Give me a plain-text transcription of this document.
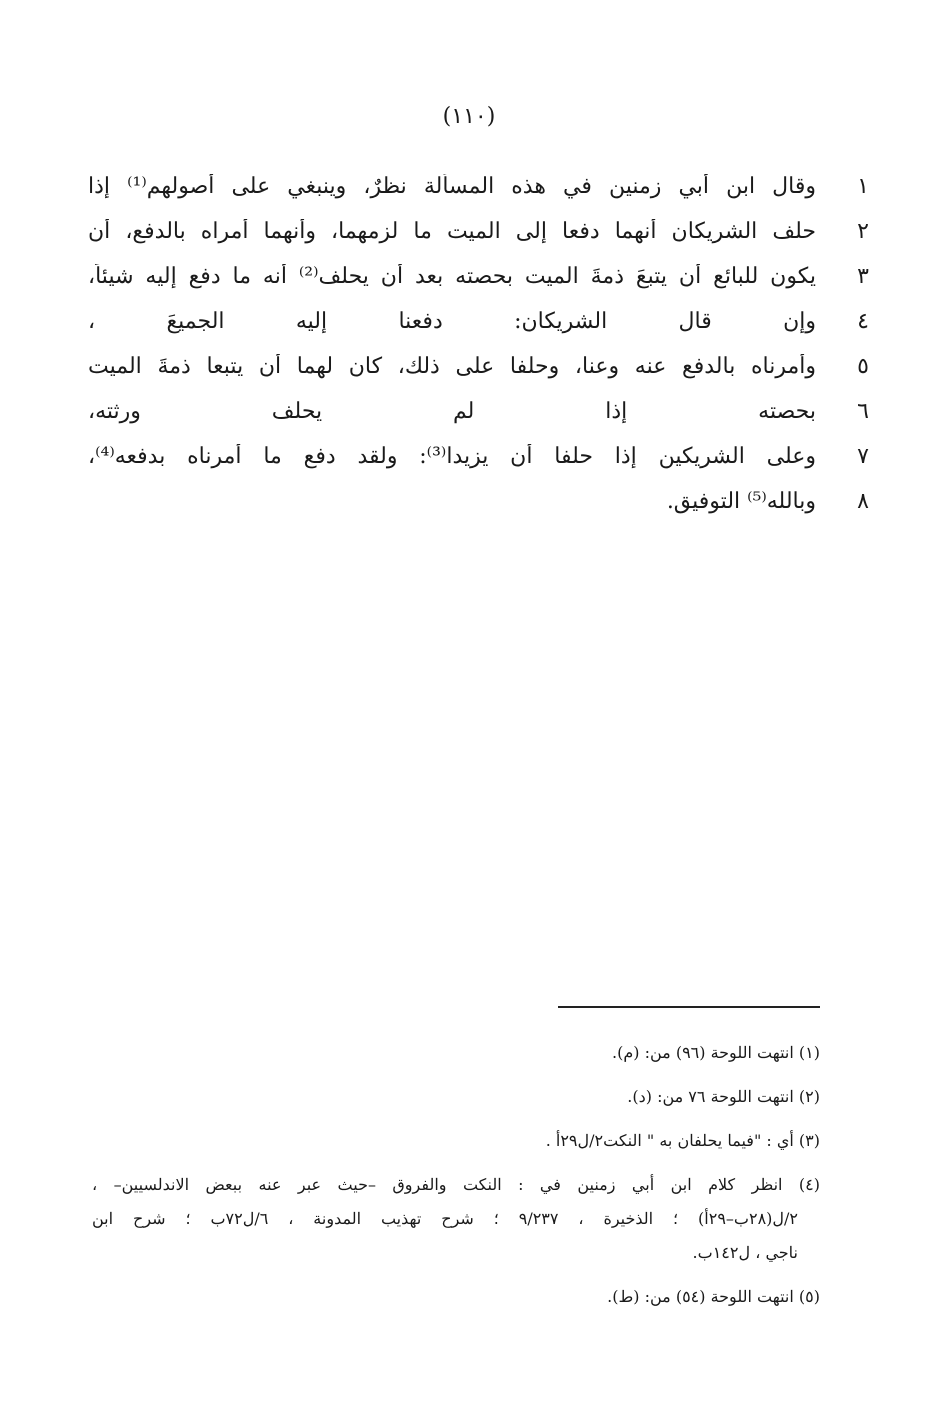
(١١٠)
١
وقال ابن أبي زمنين في هذه المسألة نظرٌ، وينبغي على أصولهم⁽¹⁾ إذا
٢
حلف الشريكان أنهما دفعا إلى الميت ما لزمهما، وأنهما أمراه بالدفع، أن
٣
يكون للبائع أن يتبعَ ذمةَ الميت بحصته بعد أن يحلف⁽²⁾ أنه ما دفع إليه شيئاً،
٤
وإن قال الشريكان: دفعنا إليه الجميعَ ،
٥
وأمرناه بالدفع عنه وعنا، وحلفا على ذلك، كان لهما أن يتبعا ذمةَ الميت
٦
بحصته إذا لم يحلف ورثته،
٧
وعلى الشريكين إذا حلفا أن يزيدا⁽³⁾: ولقد دفع ما أمرناه بدفعه⁽⁴⁾،
٨
وبالله⁽⁵⁾ التوفيق.
(١) انتهت اللوحة (٩٦) من: (م).
(٢) انتهت اللوحة ٧٦ من: (د).
(٣) أي : "فيما يحلفان به " النكت٢/ل٢٩أ .
(٤) انظر كلام ابن أبي زمنين في : النكت والفروق –حيث عبر عنه ببعض الاندلسيين– ،
٢/ل(٢٨ب–٢٩أ) ؛ الذخيرة ، ٩/٢٣٧ ؛ شرح تهذيب المدونة ، ٦/ل٧٢ب ؛ شرح ابن
ناجي ، ل١٤٢ب.
(٥) انتهت اللوحة (٥٤) من: (ط).
